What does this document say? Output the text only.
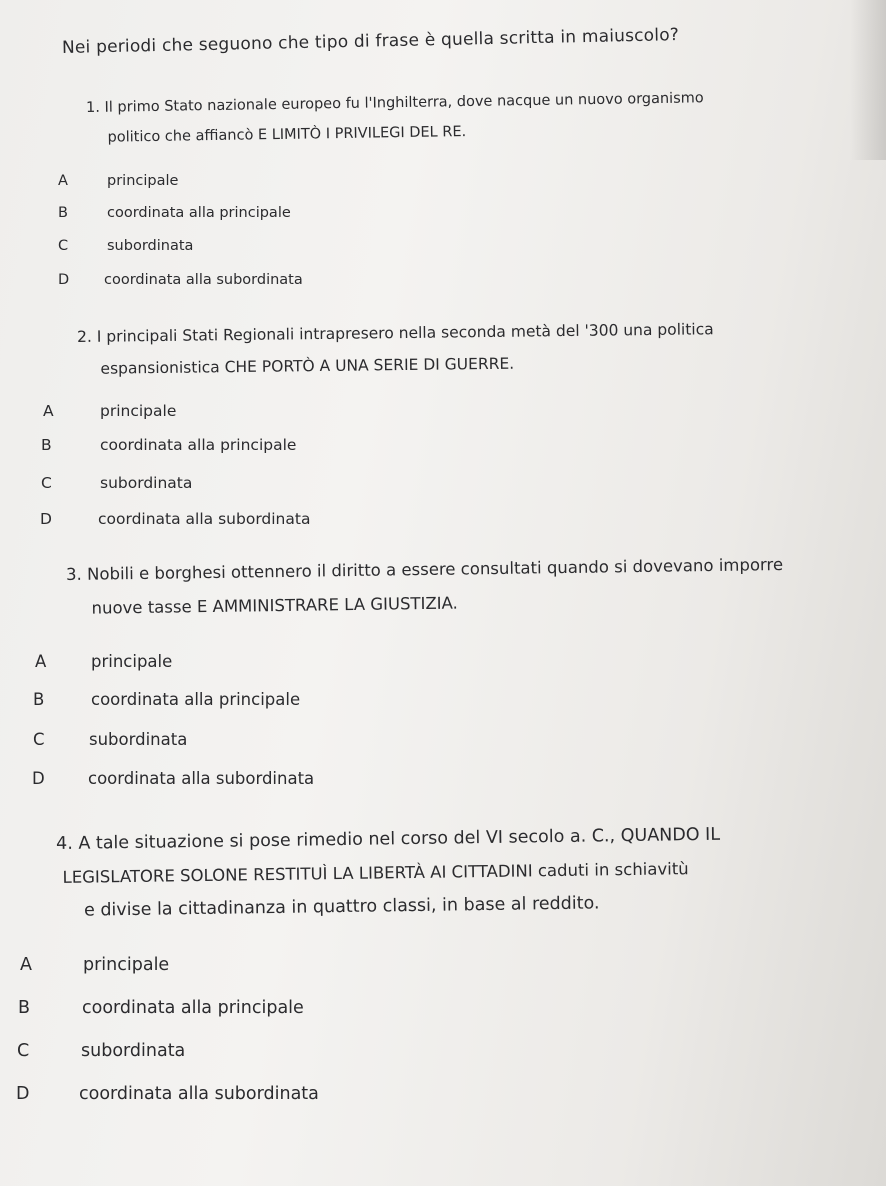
Nei periodi che seguono che tipo di frase è quella scritta in maiuscolo?
1. Il primo Stato nazionale europeo fu l'Inghilterra, dove nacque un nuovo organismo
politico che affiancò E LIMITÒ I PRIVILEGI DEL RE.
A	principale
B	coordinata alla principale
C	subordinata
D coordinata alla subordinata
2. I principali Stati Regionali intrapresero nella seconda metà del '300 una politica
espansionistica CHE PORTÒ A UNA SERIE DI GUERRE.
A	principale
B	coordinata alla principale
C	subordinata
D	coordinata alla subordinata
3. Nobili e borghesi ottennero il diritto a essere consultati quando si dovevano imporre
nuove tasse E AMMINISTRARE LA GIUSTIZIA.
A	principale
B	coordinata alla principale
C	subordinata
D	coordinata alla subordinata
4. A tale situazione si pose rimedio nel corso del VI secolo a. C., QUANDO IL
LEGISLATORE SOLONE RESTITUÌ LA LIBERTÀ AI CITTADINI caduti in schiavitù
e divise la cittadinanza in quattro classi, in base al reddito.
A	principale
B	coordinata alla principale
C	subordinata
D	coordinata alla subordinata
